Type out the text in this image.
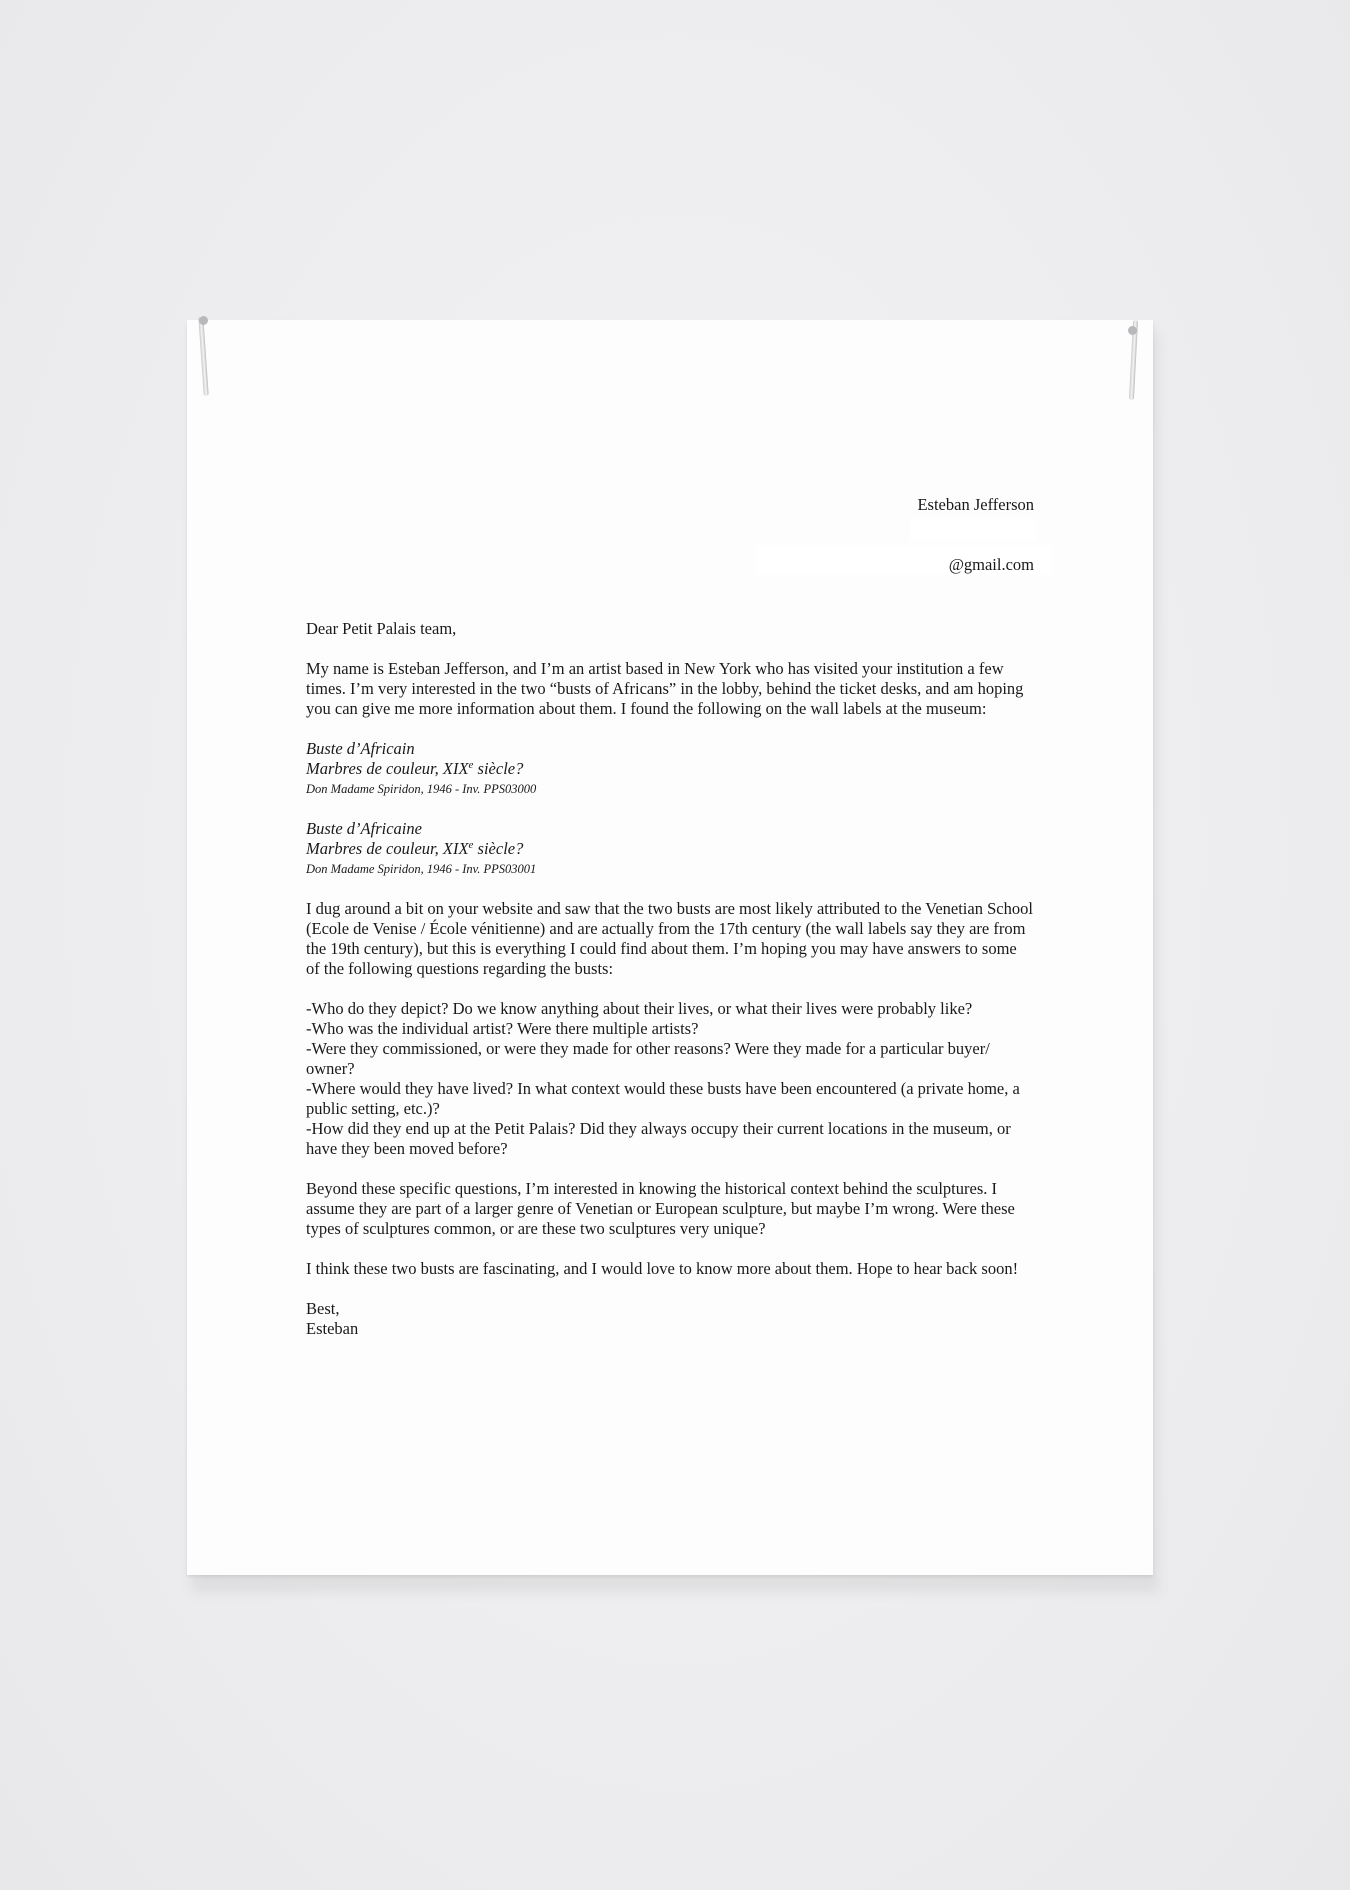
Esteban Jefferson
@gmail.com

Dear Petit Palais team,

My name is Esteban Jefferson, and I’m an artist based in New York who has visited your institution a few times. I’m very interested in the two “busts of Africans” in the lobby, behind the ticket desks, and am hoping you can give me more information about them. I found the following on the wall labels at the museum:

Buste d’Africain

Marbres de couleur, XIXe siècle?

Don Madame Spiridon, 1946 - Inv. PPS03000

Buste d’Africaine

Marbres de couleur, XIXe siècle?

Don Madame Spiridon, 1946 - Inv. PPS03001

I dug around a bit on your website and saw that the two busts are most likely attributed to the Venetian School (Ecole de Venise / École vénitienne) and are actually from the 17th century (the wall labels say they are from the 19th century), but this is everything I could find about them. I’m hoping you may have answers to some of the following questions regarding the busts:

-Who do they depict? Do we know anything about their lives, or what their lives were probably like?

-Who was the individual artist? Were there multiple artists?

-Were they commissioned, or were they made for other reasons? Were they made for a particular buyer/ owner?

-Where would they have lived? In what context would these busts have been encountered (a private home, a public setting, etc.)?

-How did they end up at the Petit Palais? Did they always occupy their current locations in the museum, or have they been moved before?

Beyond these specific questions, I’m interested in knowing the historical context behind the sculptures. I assume they are part of a larger genre of Venetian or European sculpture, but maybe I’m wrong. Were these types of sculptures common, or are these two sculptures very unique?

I think these two busts are fascinating, and I would love to know more about them. Hope to hear back soon!

Best,

Esteban
